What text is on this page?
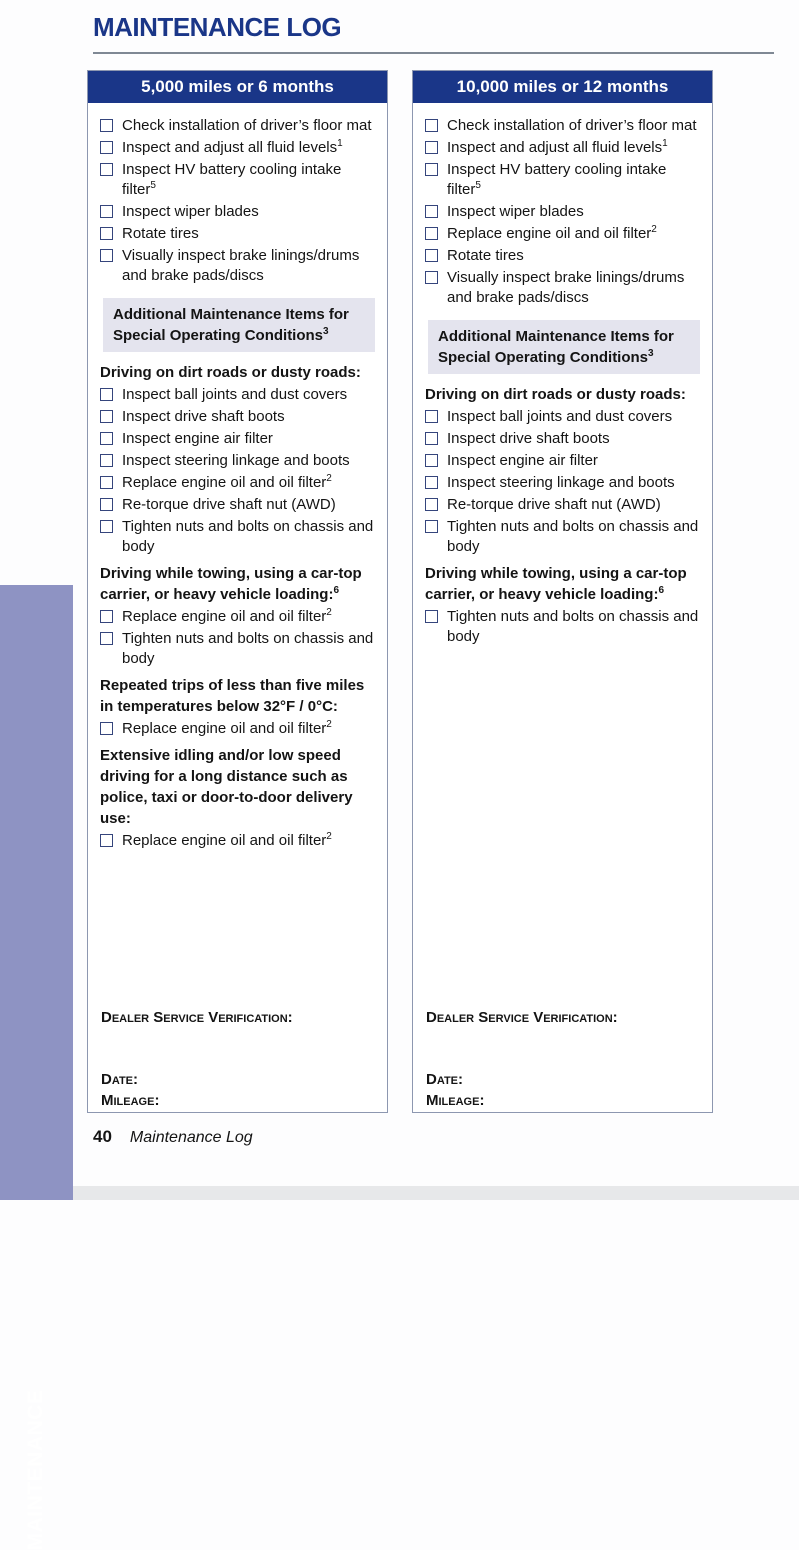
MAINTENANCE
MAINTENANCE LOG
5,000 miles or 6 months
Check installation of driver’s floor mat
Inspect and adjust all fluid levels$^1$
Inspect HV battery cooling intake filter$^5$
Inspect wiper blades
Rotate tires
Visually inspect brake linings/drums and brake pads/discs
Additional Maintenance Items for Special Operating Conditions$^3$
Driving on dirt roads or dusty roads:
Inspect ball joints and dust covers
Inspect drive shaft boots
Inspect engine air filter
Inspect steering linkage and boots
Replace engine oil and oil filter$^2$
Re-torque drive shaft nut (AWD)
Tighten nuts and bolts on chassis and body
Driving while towing, using a car-top carrier, or heavy vehicle loading:$^6$
Replace engine oil and oil filter$^2$
Tighten nuts and bolts on chassis and body
Repeated trips of less than five miles in temperatures below 32°F / 0°C:
Replace engine oil and oil filter$^2$
Extensive idling and/or low speed driving for a long distance such as police, taxi or door-to-door delivery use:
Replace engine oil and oil filter$^2$

Dealer Service Verification:

Date:

Mileage:

10,000 miles or 12 months
Check installation of driver’s floor mat
Inspect and adjust all fluid levels$^1$
Inspect HV battery cooling intake filter$^5$
Inspect wiper blades
Replace engine oil and oil filter$^2$
Rotate tires
Visually inspect brake linings/drums and brake pads/discs
Additional Maintenance Items for Special Operating Conditions$^3$
Driving on dirt roads or dusty roads:
Inspect ball joints and dust covers
Inspect drive shaft boots
Inspect engine air filter
Inspect steering linkage and boots
Re-torque drive shaft nut (AWD)
Tighten nuts and bolts on chassis and body
Driving while towing, using a car-top carrier, or heavy vehicle loading:$^6$
Tighten nuts and bolts on chassis and body

Dealer Service Verification:

Date:

Mileage:

40 Maintenance Log
